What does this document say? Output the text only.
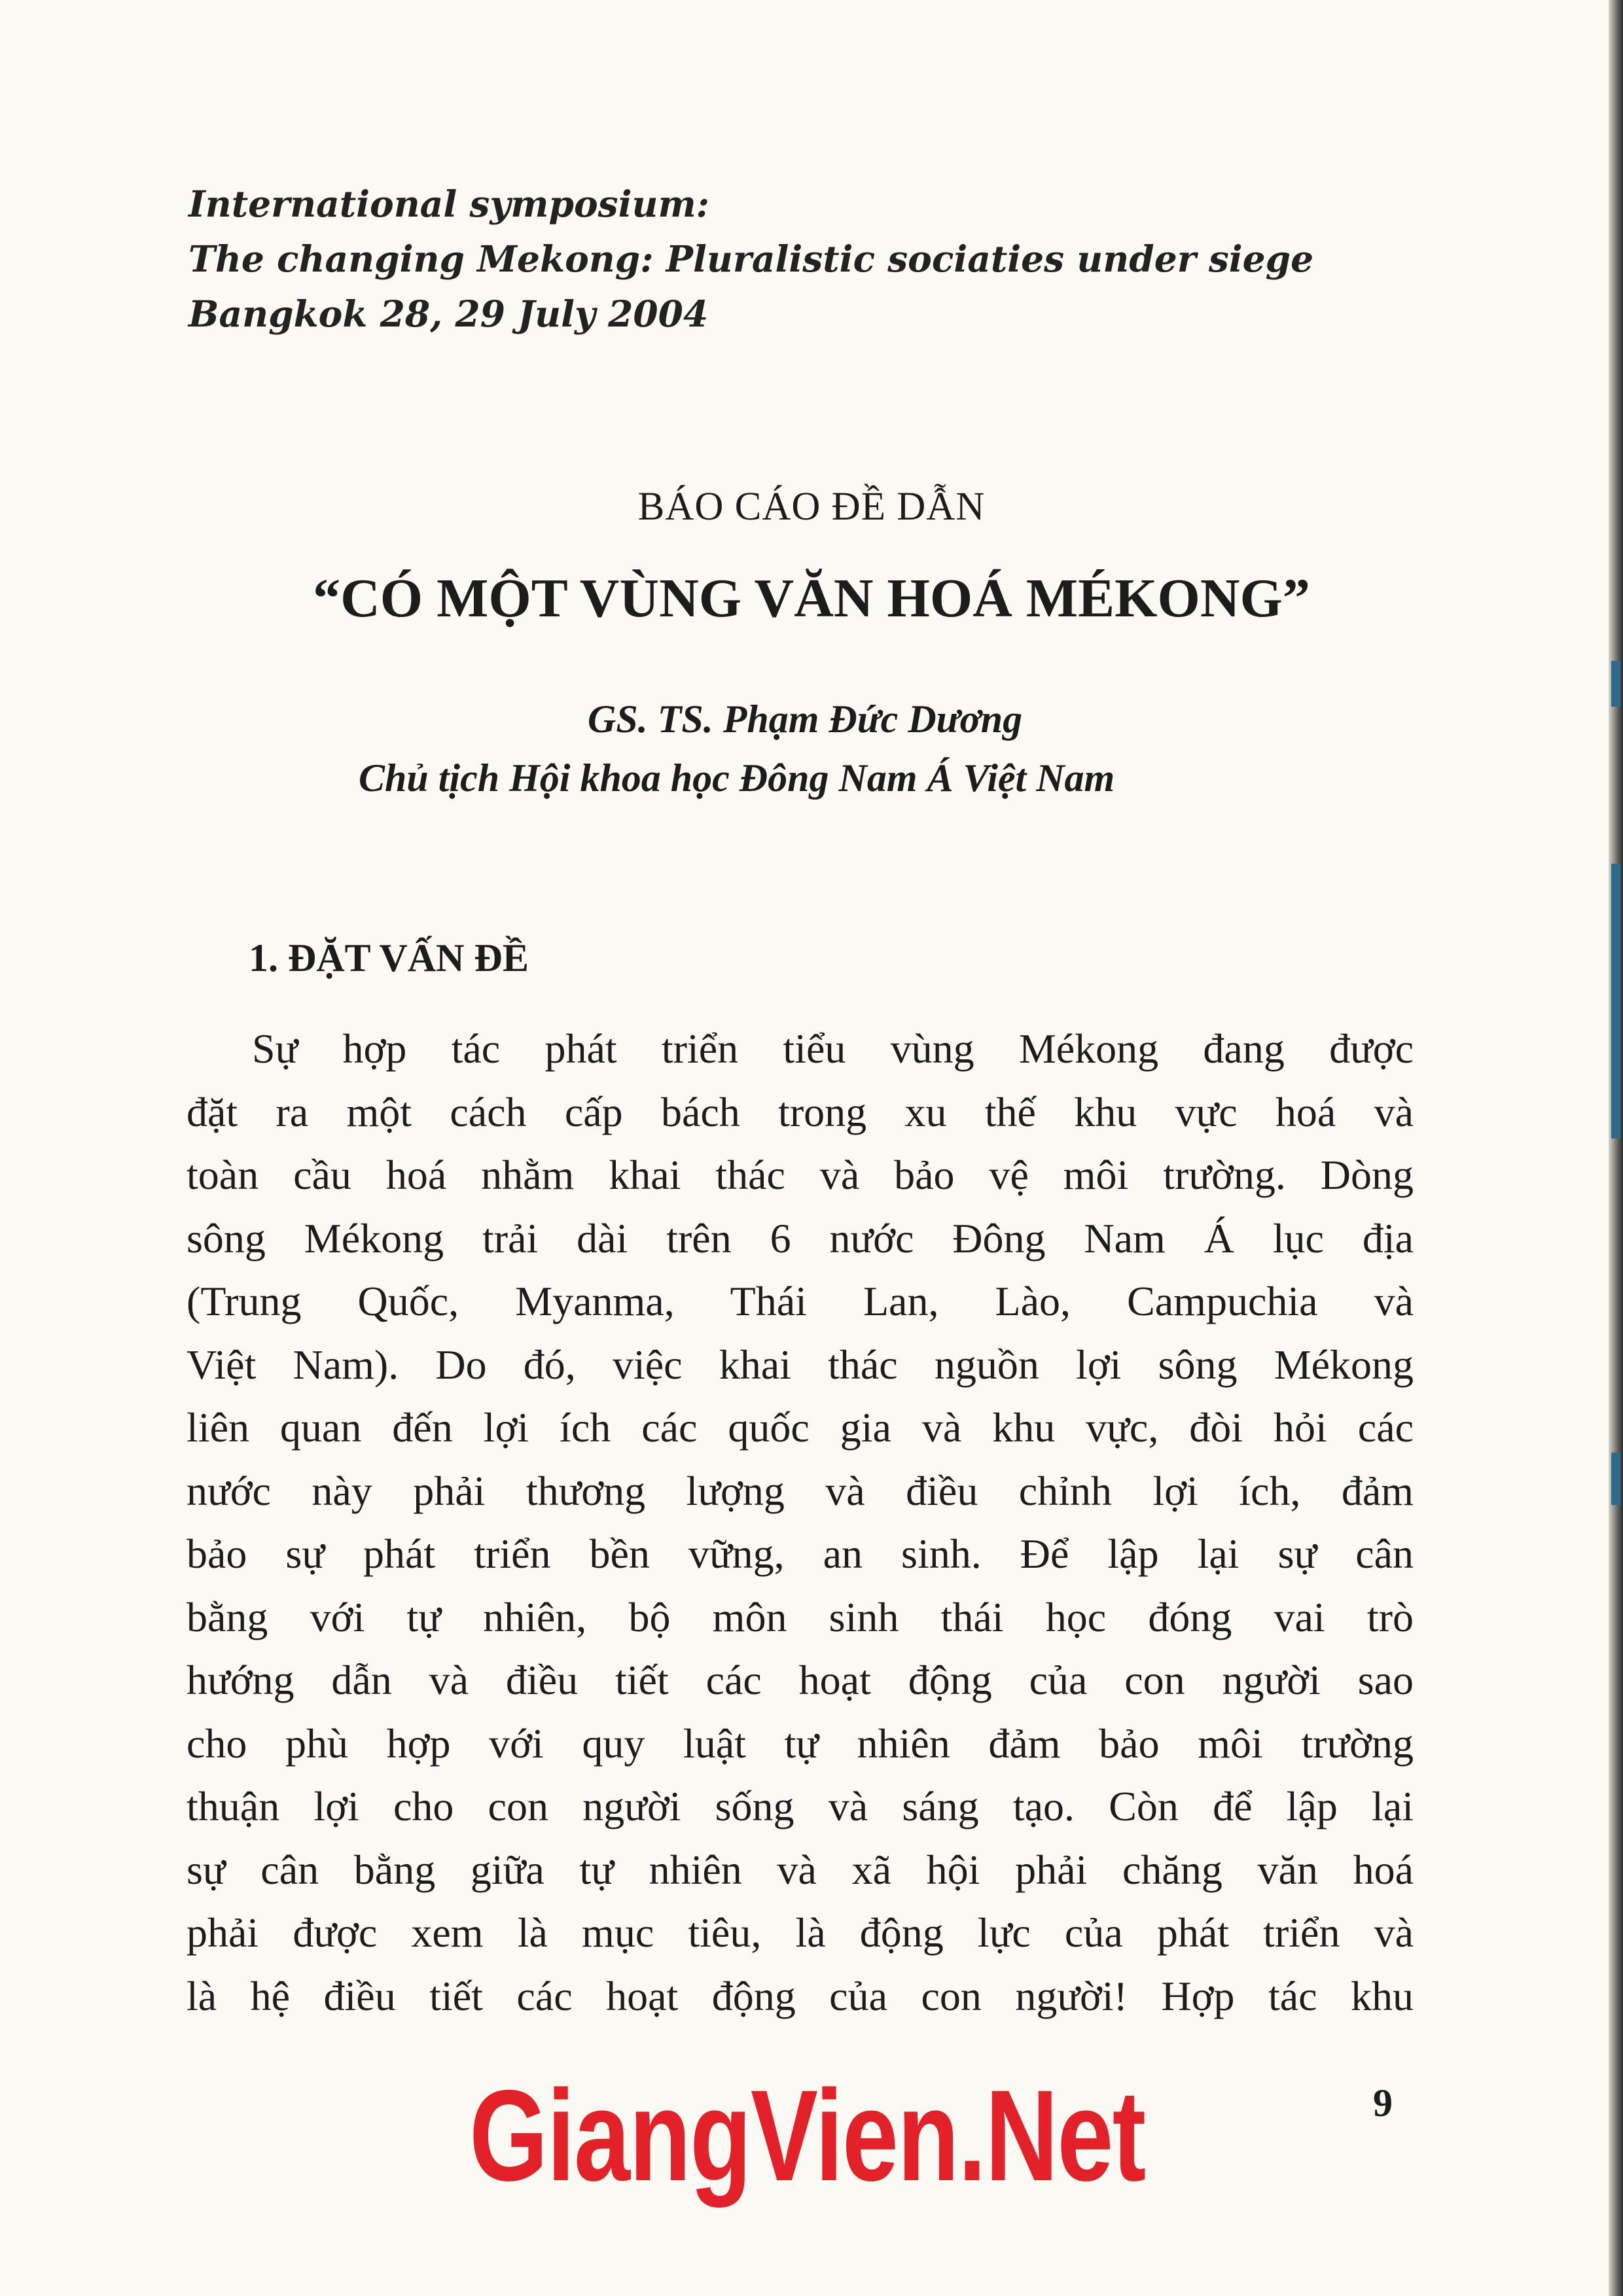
International symposium:
The changing Mekong: Pluralistic sociaties under siege
Bangkok 28, 29 July 2004
BÁO CÁO ĐỀ DẪN
“CÓ MỘT VÙNG VĂN HOÁ MÉKONG”
GS. TS. Phạm Đức Dương
Chủ tịch Hội khoa học Đông Nam Á Việt Nam
1. ĐẶT VẤN ĐỀ
Sự hợp tác phát triển tiểu vùng Mékong đang được
đặt ra một cách cấp bách trong xu thế khu vực hoá và
toàn cầu hoá nhằm khai thác và bảo vệ môi trường. Dòng
sông Mékong trải dài trên 6 nước Đông Nam Á lục địa
(Trung Quốc, Myanma, Thái Lan, Lào, Campuchia và
Việt Nam). Do đó, việc khai thác nguồn lợi sông Mékong
liên quan đến lợi ích các quốc gia và khu vực, đòi hỏi các
nước này phải thương lượng và điều chỉnh lợi ích, đảm
bảo sự phát triển bền vững, an sinh. Để lập lại sự cân
bằng với tự nhiên, bộ môn sinh thái học đóng vai trò
hướng dẫn và điều tiết các hoạt động của con người sao
cho phù hợp với quy luật tự nhiên đảm bảo môi trường
thuận lợi cho con người sống và sáng tạo. Còn để lập lại
sự cân bằng giữa tự nhiên và xã hội phải chăng văn hoá
phải được xem là mục tiêu, là động lực của phát triển và
là hệ điều tiết các hoạt động của con người! Hợp tác khu
9
GiangVien.Net
